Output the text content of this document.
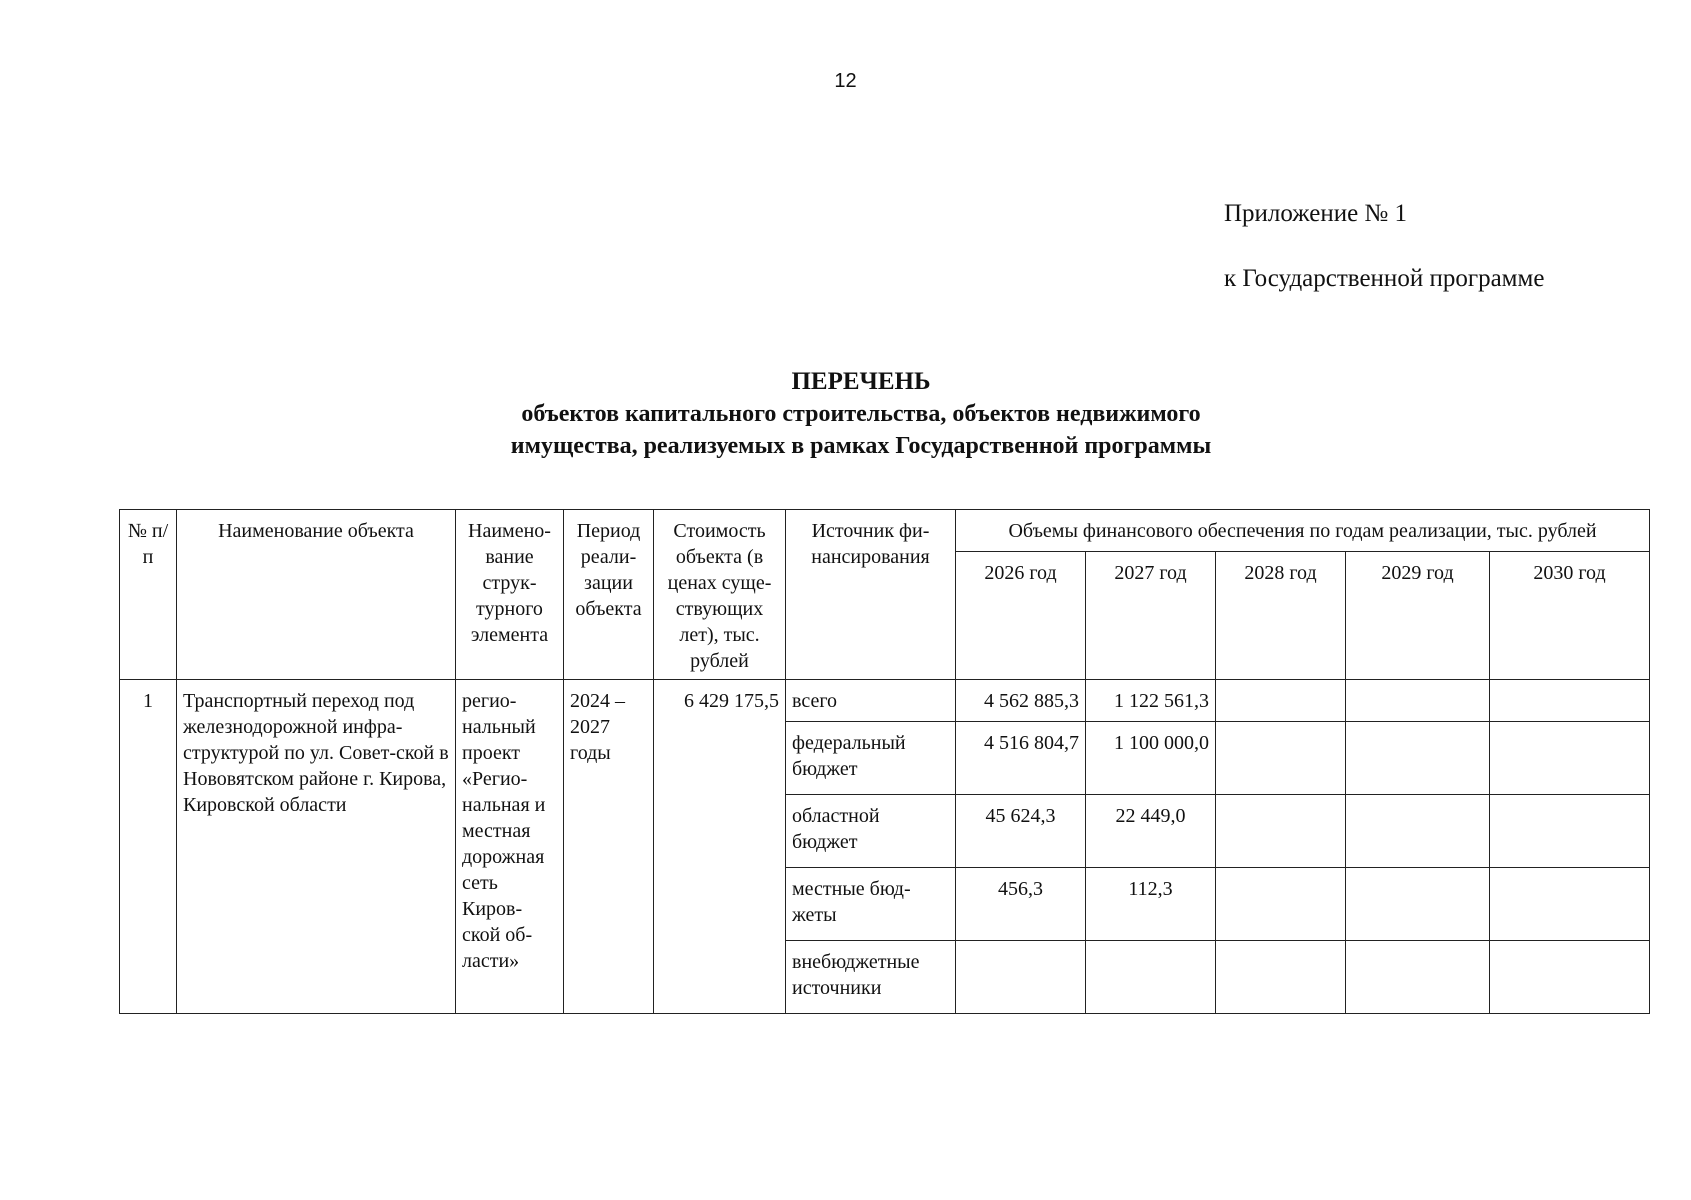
12
Приложение № 1
к Государственной программе
ПЕРЕЧЕНЬ
объектов капитального строительства, объектов недвижимого
имущества, реализуемых в рамках Государственной программы
№ п/п	Наименование объекта	Наимено-вание струк-турного элемента	Период реали-зации объекта	Стоимость объекта (в ценах суще-ствующих лет), тыс. рублей	Источник фи-нансирования	Объемы финансового обеспечения по годам реализации, тыс. рублей				
						2026 год	2027 год	2028 год	2029 год	2030 год
1	Транспортный переход под железнодорожной инфра-структурой по ул. Совет-ской в Нововятском районе г. Кирова, Кировской области	регио-нальный проект «Регио-нальная и местная дорожная сеть Киров-ской об-ласти»	2024 – 2027 годы	6 429 175,5	всего	4 562 885,3	1 122 561,3			
					федеральный бюджет	4 516 804,7	1 100 000,0			
					областной бюджет	45 624,3	22 449,0			
					местные бюд-жеты	456,3	112,3			
					внебюджетные источники					
